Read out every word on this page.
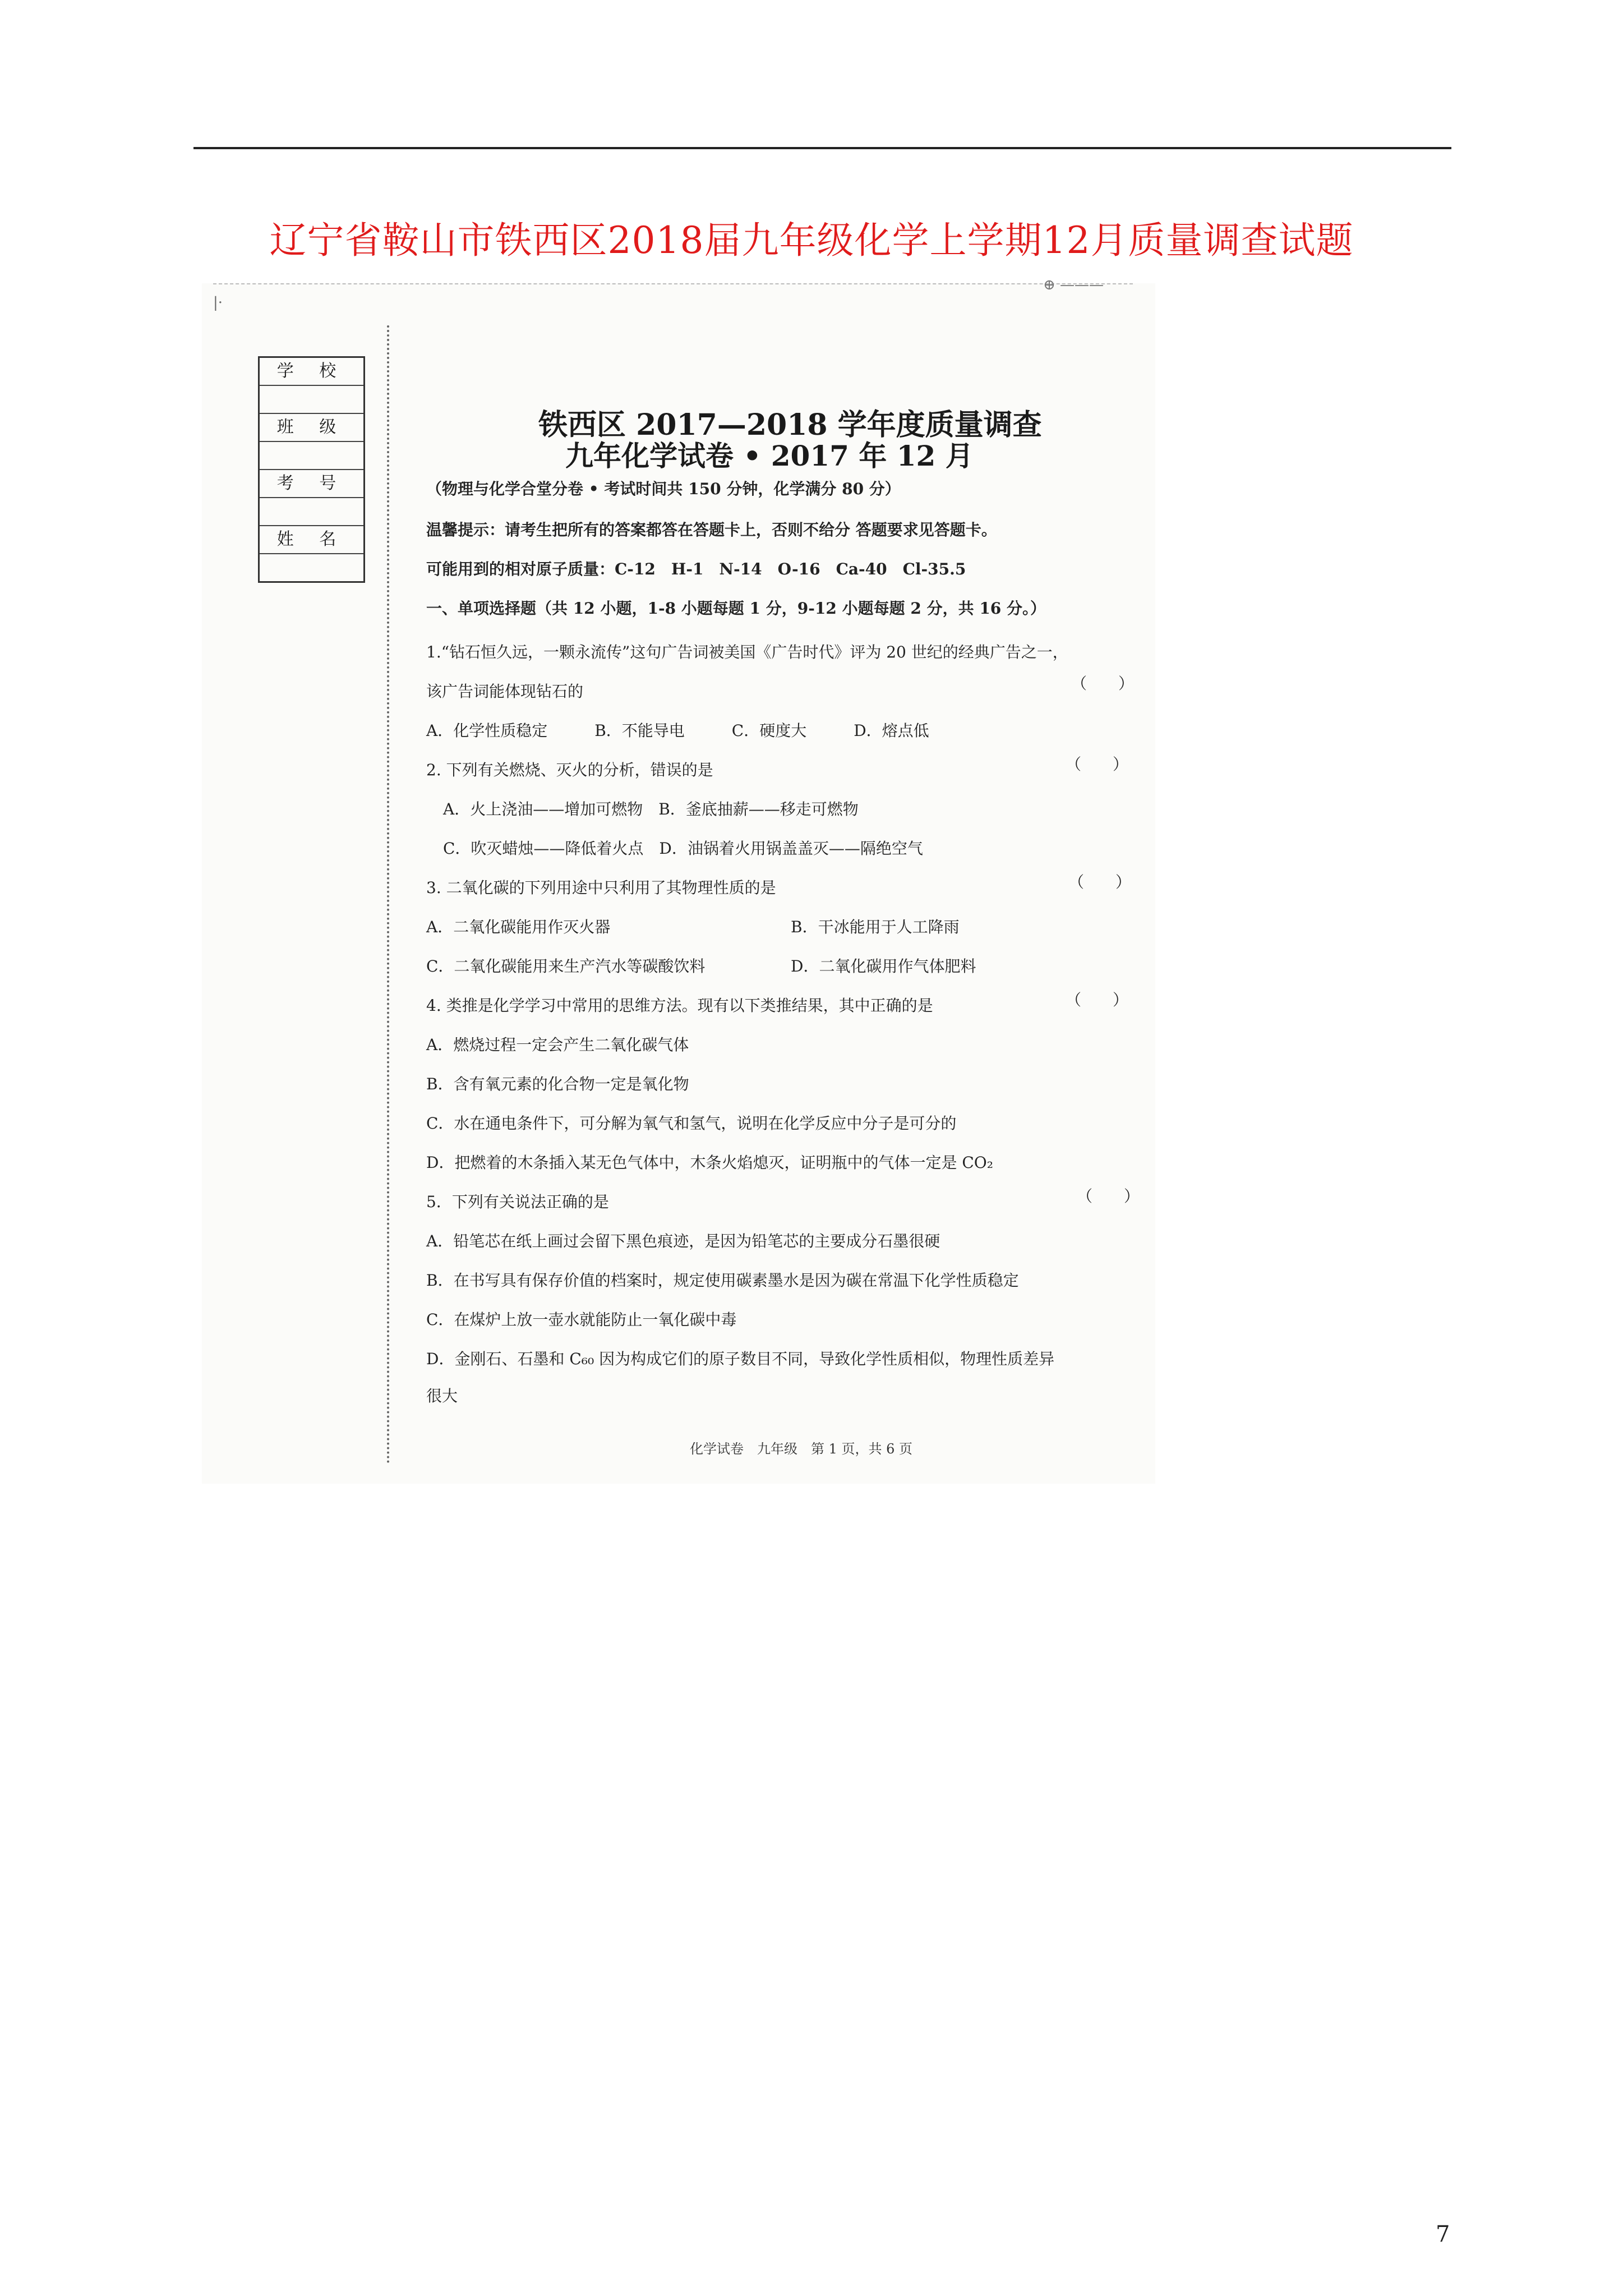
辽宁省鞍山市铁西区2018届九年级化学上学期12月质量调查试题
|·
⊕ ———
学 校
班 级
考 号
姓 名
铁西区 2017—2018 学年度质量调查
九年化学试卷 • 2017 年 12 月
（物理与化学合堂分卷 • 考试时间共 150 分钟，化学满分 80 分）
温馨提示：请考生把所有的答案都答在答题卡上，否则不给分 答题要求见答题卡。
可能用到的相对原子质量：C-12　H-1　N-14　O-16　Ca-40　Cl-35.5
一、单项选择题（共 12 小题，1-8 小题每题 1 分，9-12 小题每题 2 分，共 16 分。）
1.“钻石恒久远，一颗永流传”这句广告词被美国《广告时代》评为 20 世纪的经典广告之一，
该广告词能体现钻石的	（　　）
A．化学性质稳定　　　B．不能导电　　　C．硬度大　　　D．熔点低
2. 下列有关燃烧、灭火的分析，错误的是	（　　）
A．火上浇油——增加可燃物　B．釜底抽薪——移走可燃物
C．吹灭蜡烛——降低着火点　D．油锅着火用锅盖盖灭——隔绝空气
3. 二氧化碳的下列用途中只利用了其物理性质的是	（　　）
A．二氧化碳能用作灭火器	B．干冰能用于人工降雨
C．二氧化碳能用来生产汽水等碳酸饮料	D．二氧化碳用作气体肥料
4. 类推是化学学习中常用的思维方法。现有以下类推结果，其中正确的是	（　　）
A．燃烧过程一定会产生二氧化碳气体
B．含有氧元素的化合物一定是氧化物
C．水在通电条件下，可分解为氧气和氢气，说明在化学反应中分子是可分的
D．把燃着的木条插入某无色气体中，木条火焰熄灭，证明瓶中的气体一定是 CO₂
5．下列有关说法正确的是	（　　）
A．铅笔芯在纸上画过会留下黑色痕迹，是因为铅笔芯的主要成分石墨很硬
B．在书写具有保存价值的档案时，规定使用碳素墨水是因为碳在常温下化学性质稳定
C．在煤炉上放一壶水就能防止一氧化碳中毒
D．金刚石、石墨和 C₆₀ 因为构成它们的原子数目不同，导致化学性质相似，物理性质差异
很大
化学试卷　九年级　第 1 页，共 6 页
7
